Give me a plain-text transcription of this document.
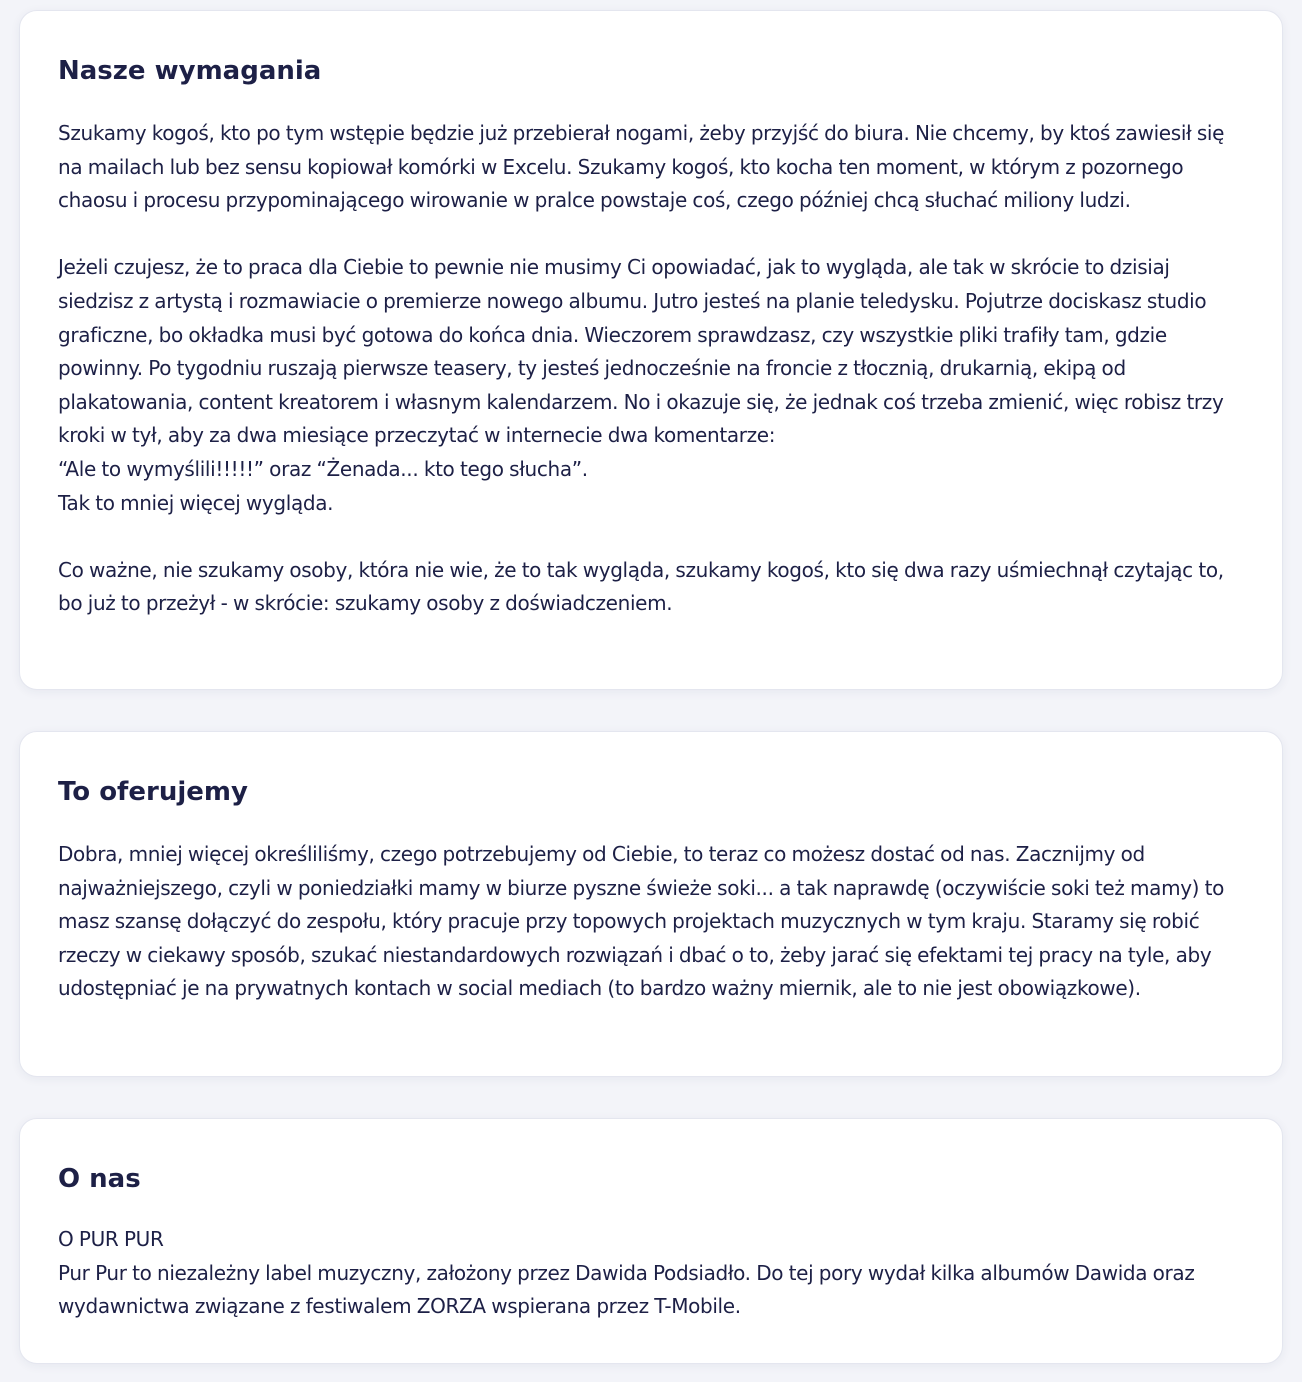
Nasze wymagania

Szukamy kogoś, kto po tym wstępie będzie już przebierał nogami, żeby przyjść do biura. Nie chcemy, by ktoś zawiesił się na mailach lub bez sensu kopiował komórki w Excelu. Szukamy kogoś, kto kocha ten moment, w którym z pozornego chaosu i procesu przypominającego wirowanie w pralce powstaje coś, czego później chcą słuchać miliony ludzi.

Jeżeli czujesz, że to praca dla Ciebie to pewnie nie musimy Ci opowiadać, jak to wygląda, ale tak w skrócie to dzisiaj siedzisz z artystą i rozmawiacie o premierze nowego albumu. Jutro jesteś na planie teledysku. Pojutrze dociskasz studio graficzne, bo okładka musi być gotowa do końca dnia. Wieczorem sprawdzasz, czy wszystkie pliki trafiły tam, gdzie powinny. Po tygodniu ruszają pierwsze teasery, ty jesteś jednocześnie na froncie z tłocznią, drukarnią, ekipą od plakatowania, content kreatorem i własnym kalendarzem. No i okazuje się, że jednak coś trzeba zmienić, więc robisz trzy kroki w tył, aby za dwa miesiące przeczytać w internecie dwa komentarze:
“Ale to wymyślili!!!!!” oraz “Żenada... kto tego słucha”.
Tak to mniej więcej wygląda.

Co ważne, nie szukamy osoby, która nie wie, że to tak wygląda, szukamy kogoś, kto się dwa razy uśmiechnął czytając to, bo już to przeżył - w skrócie: szukamy osoby z doświadczeniem.

To oferujemy

Dobra, mniej więcej określiliśmy, czego potrzebujemy od Ciebie, to teraz co możesz dostać od nas. Zacznijmy od najważniejszego, czyli w poniedziałki mamy w biurze pyszne świeże soki... a tak naprawdę (oczywiście soki też mamy) to masz szansę dołączyć do zespołu, który pracuje przy topowych projektach muzycznych w tym kraju. Staramy się robić rzeczy w ciekawy sposób, szukać niestandardowych rozwiązań i dbać o to, żeby jarać się efektami tej pracy na tyle, aby udostępniać je na prywatnych kontach w social mediach (to bardzo ważny miernik, ale to nie jest obowiązkowe).

O nas

O PUR PUR
Pur Pur to niezależny label muzyczny, założony przez Dawida Podsiadło. Do tej pory wydał kilka albumów Dawida oraz wydawnictwa związane z festiwalem ZORZA wspierana przez T-Mobile.
